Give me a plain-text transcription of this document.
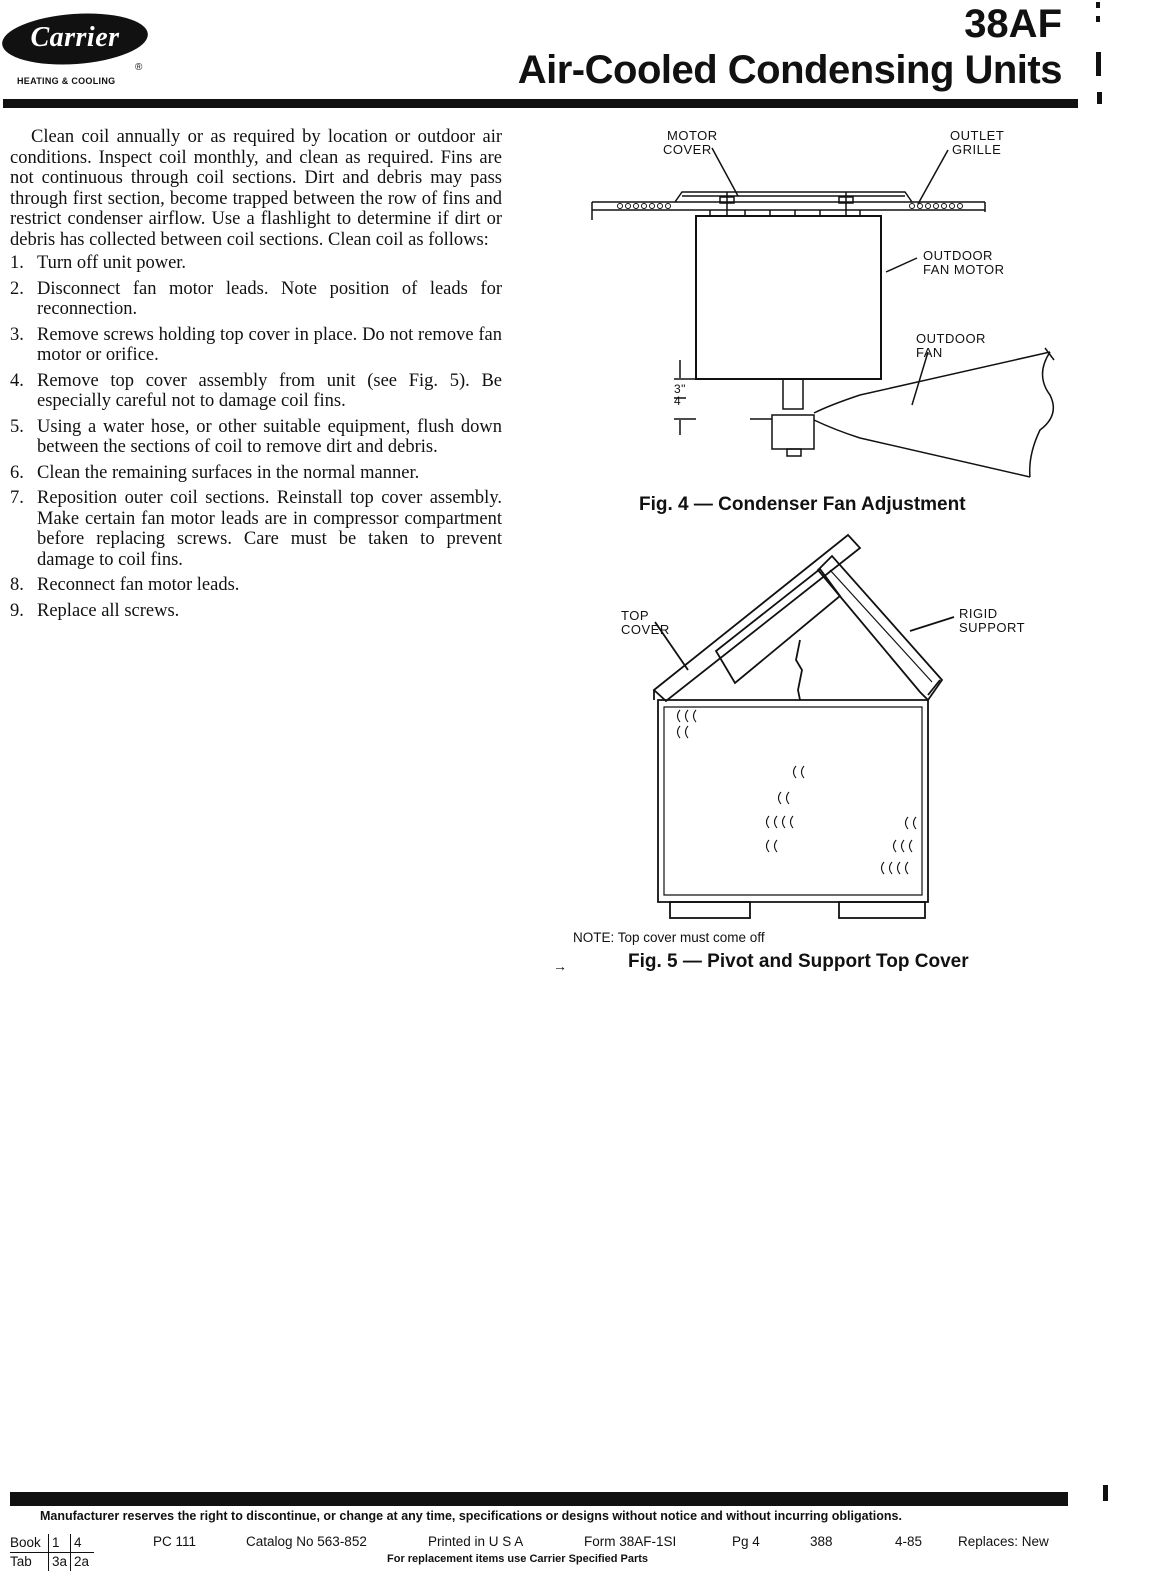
Carrier
®
HEATING & COOLING
38AF
Air-Cooled Condensing Units

Clean coil annually or as required by location or outdoor air conditions. Inspect coil monthly, and clean as required. Fins are not continuous through coil sections. Dirt and debris may pass through first section, become trapped between the row of fins and restrict condenser airflow. Use a flashlight to determine if dirt or debris has collected between coil sections. Clean coil as follows:

1. Turn off unit power.
2. Disconnect fan motor leads. Note position of leads for reconnection.
3. Remove screws holding top cover in place. Do not remove fan motor or orifice.
4. Remove top cover assembly from unit (see Fig. 5). Be especially careful not to damage coil fins.
5. Using a water hose, or other suitable equipment, flush down between the sections of coil to remove dirt and debris.
6. Clean the remaining surfaces in the normal manner.
7. Reposition outer coil sections. Reinstall top cover assembly. Make certain fan motor leads are in compressor compartment before replacing screws. Care must be taken to prevent damage to coil fins.
8. Reconnect fan motor leads.
9. Replace all screws.
MOTOR
COVER
OUTLET
GRILLE
OUTDOOR
FAN MOTOR
OUTDOOR
FAN
3"
4
Fig. 4 — Condenser Fan Adjustment
TOP
COVER
RIGID
SUPPORT
NOTE: Top cover must come off
→	Fig. 5 — Pivot and Support Top Cover
Manufacturer reserves the right to discontinue, or change at any time, specifications or designs without notice and without incurring obligations.
Book 1	4
Tab	3a 2a
PC 111	Catalog No 563-852	Printed in U S A	Form 38AF-1SI	Pg 4	388	4-85	Replaces: New
For replacement items use Carrier Specified Parts
